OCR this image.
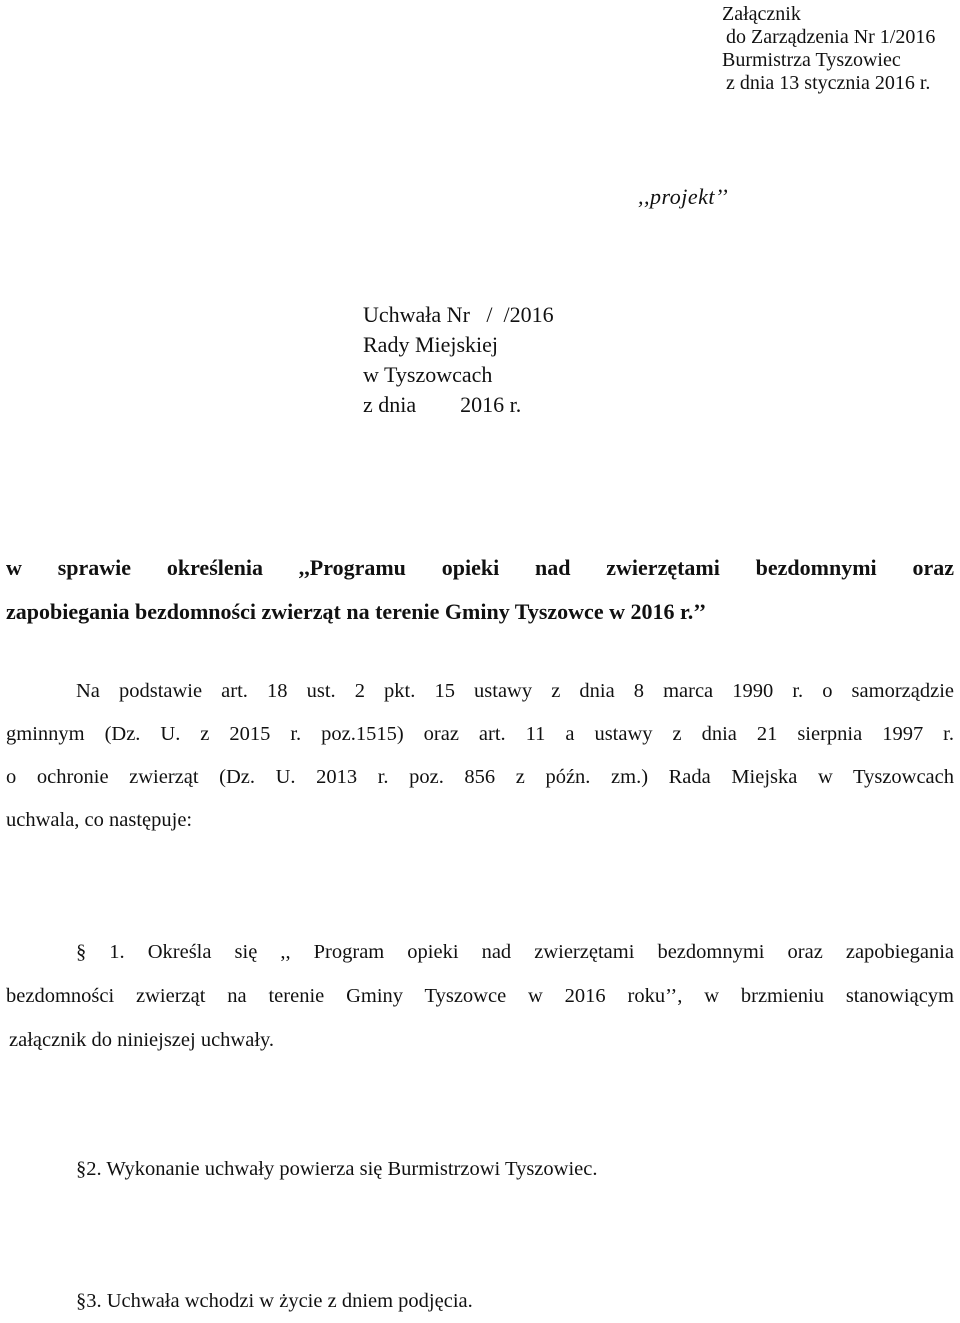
Załącznik
do Zarządzenia Nr 1/2016
Burmistrza Tyszowiec
z dnia 13 stycznia 2016 r.
,,projekt’’
Uchwała Nr   /  /2016
Rady Miejskiej
w Tyszowcach
z dnia        2016 r.
w sprawie określenia ,,Programu opieki nad zwierzętami bezdomnymi oraz
zapobiegania bezdomności zwierząt na terenie Gminy Tyszowce w 2016 r.’’
Na podstawie art. 18 ust. 2 pkt. 15 ustawy z dnia 8 marca 1990 r. o samorządzie
gminnym (Dz. U. z 2015 r. poz.1515) oraz art. 11 a ustawy z dnia 21 sierpnia 1997 r.
o ochronie zwierząt (Dz. U. 2013 r. poz. 856 z późn. zm.) Rada Miejska w Tyszowcach
uchwala, co następuje:
§ 1. Określa się ,, Program opieki nad zwierzętami bezdomnymi oraz zapobiegania
bezdomności zwierząt na terenie Gminy Tyszowce w 2016 roku’’, w brzmieniu stanowiącym
załącznik do niniejszej uchwały.
§2. Wykonanie uchwały powierza się Burmistrzowi Tyszowiec.
§3. Uchwała wchodzi w życie z dniem podjęcia.
